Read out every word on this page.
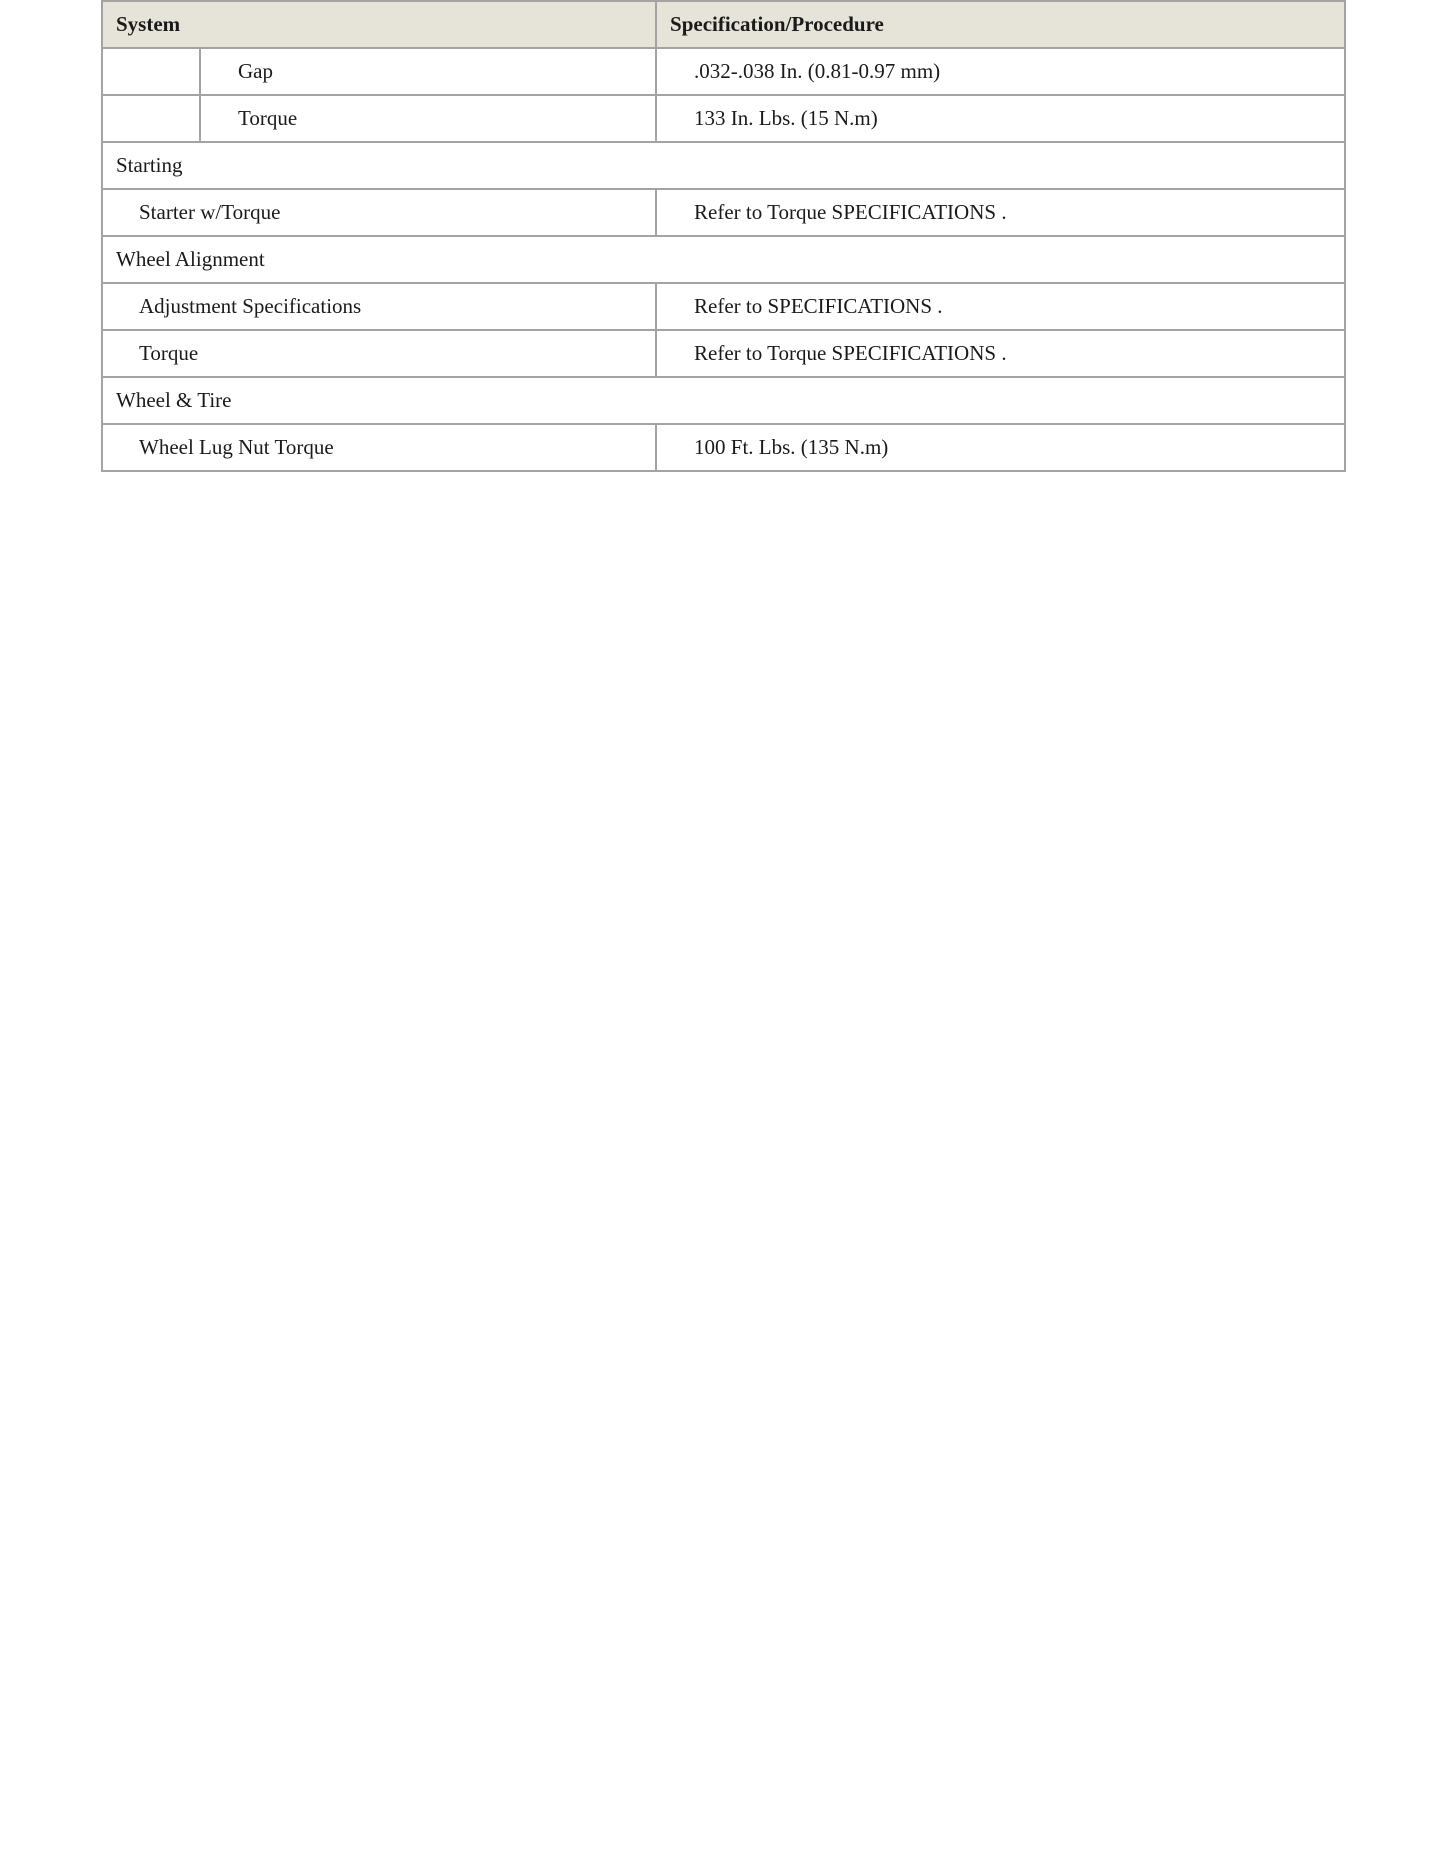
System		Specification/Procedure
	Gap	.032-.038 In. (0.81-0.97 mm)
	Torque	133 In. Lbs. (15 N.m)
Starting		
Starter w/Torque		Refer to Torque SPECIFICATIONS .
Wheel Alignment		
Adjustment Specifications		Refer to SPECIFICATIONS .
Torque		Refer to Torque SPECIFICATIONS .
Wheel & Tire		
Wheel Lug Nut Torque		100 Ft. Lbs. (135 N.m)
